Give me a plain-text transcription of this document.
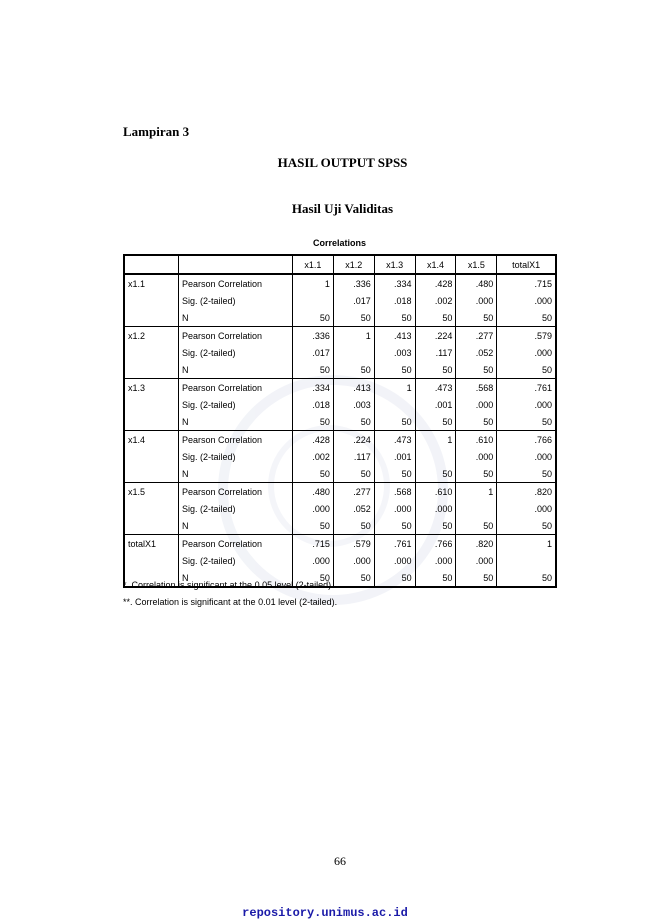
Lampiran 3
HASIL OUTPUT SPSS
Hasil Uji Validitas
Correlations
		x1.1	x1.2	x1.3	x1.4	x1.5	totalX1
x1.1	Pearson Correlation	1	.336	.334	.428	.480	.715
	Sig. (2-tailed)		.017	.018	.002	.000	.000
	N	50	50	50	50	50	50
x1.2	Pearson Correlation	.336	1	.413	.224	.277	.579
	Sig. (2-tailed)	.017		.003	.117	.052	.000
	N	50	50	50	50	50	50
x1.3	Pearson Correlation	.334	.413	1	.473	.568	.761
	Sig. (2-tailed)	.018	.003		.001	.000	.000
	N	50	50	50	50	50	50
x1.4	Pearson Correlation	.428	.224	.473	1	.610	.766
	Sig. (2-tailed)	.002	.117	.001		.000	.000
	N	50	50	50	50	50	50
x1.5	Pearson Correlation	.480	.277	.568	.610	1	.820
	Sig. (2-tailed)	.000	.052	.000	.000		.000
	N	50	50	50	50	50	50
totalX1	Pearson Correlation	.715	.579	.761	.766	.820	1
	Sig. (2-tailed)	.000	.000	.000	.000	.000	
	N	50	50	50	50	50	50
*. Correlation is significant at the 0.05 level (2-tailed).
**. Correlation is significant at the 0.01 level (2-tailed).
66
repository.unimus.ac.id
